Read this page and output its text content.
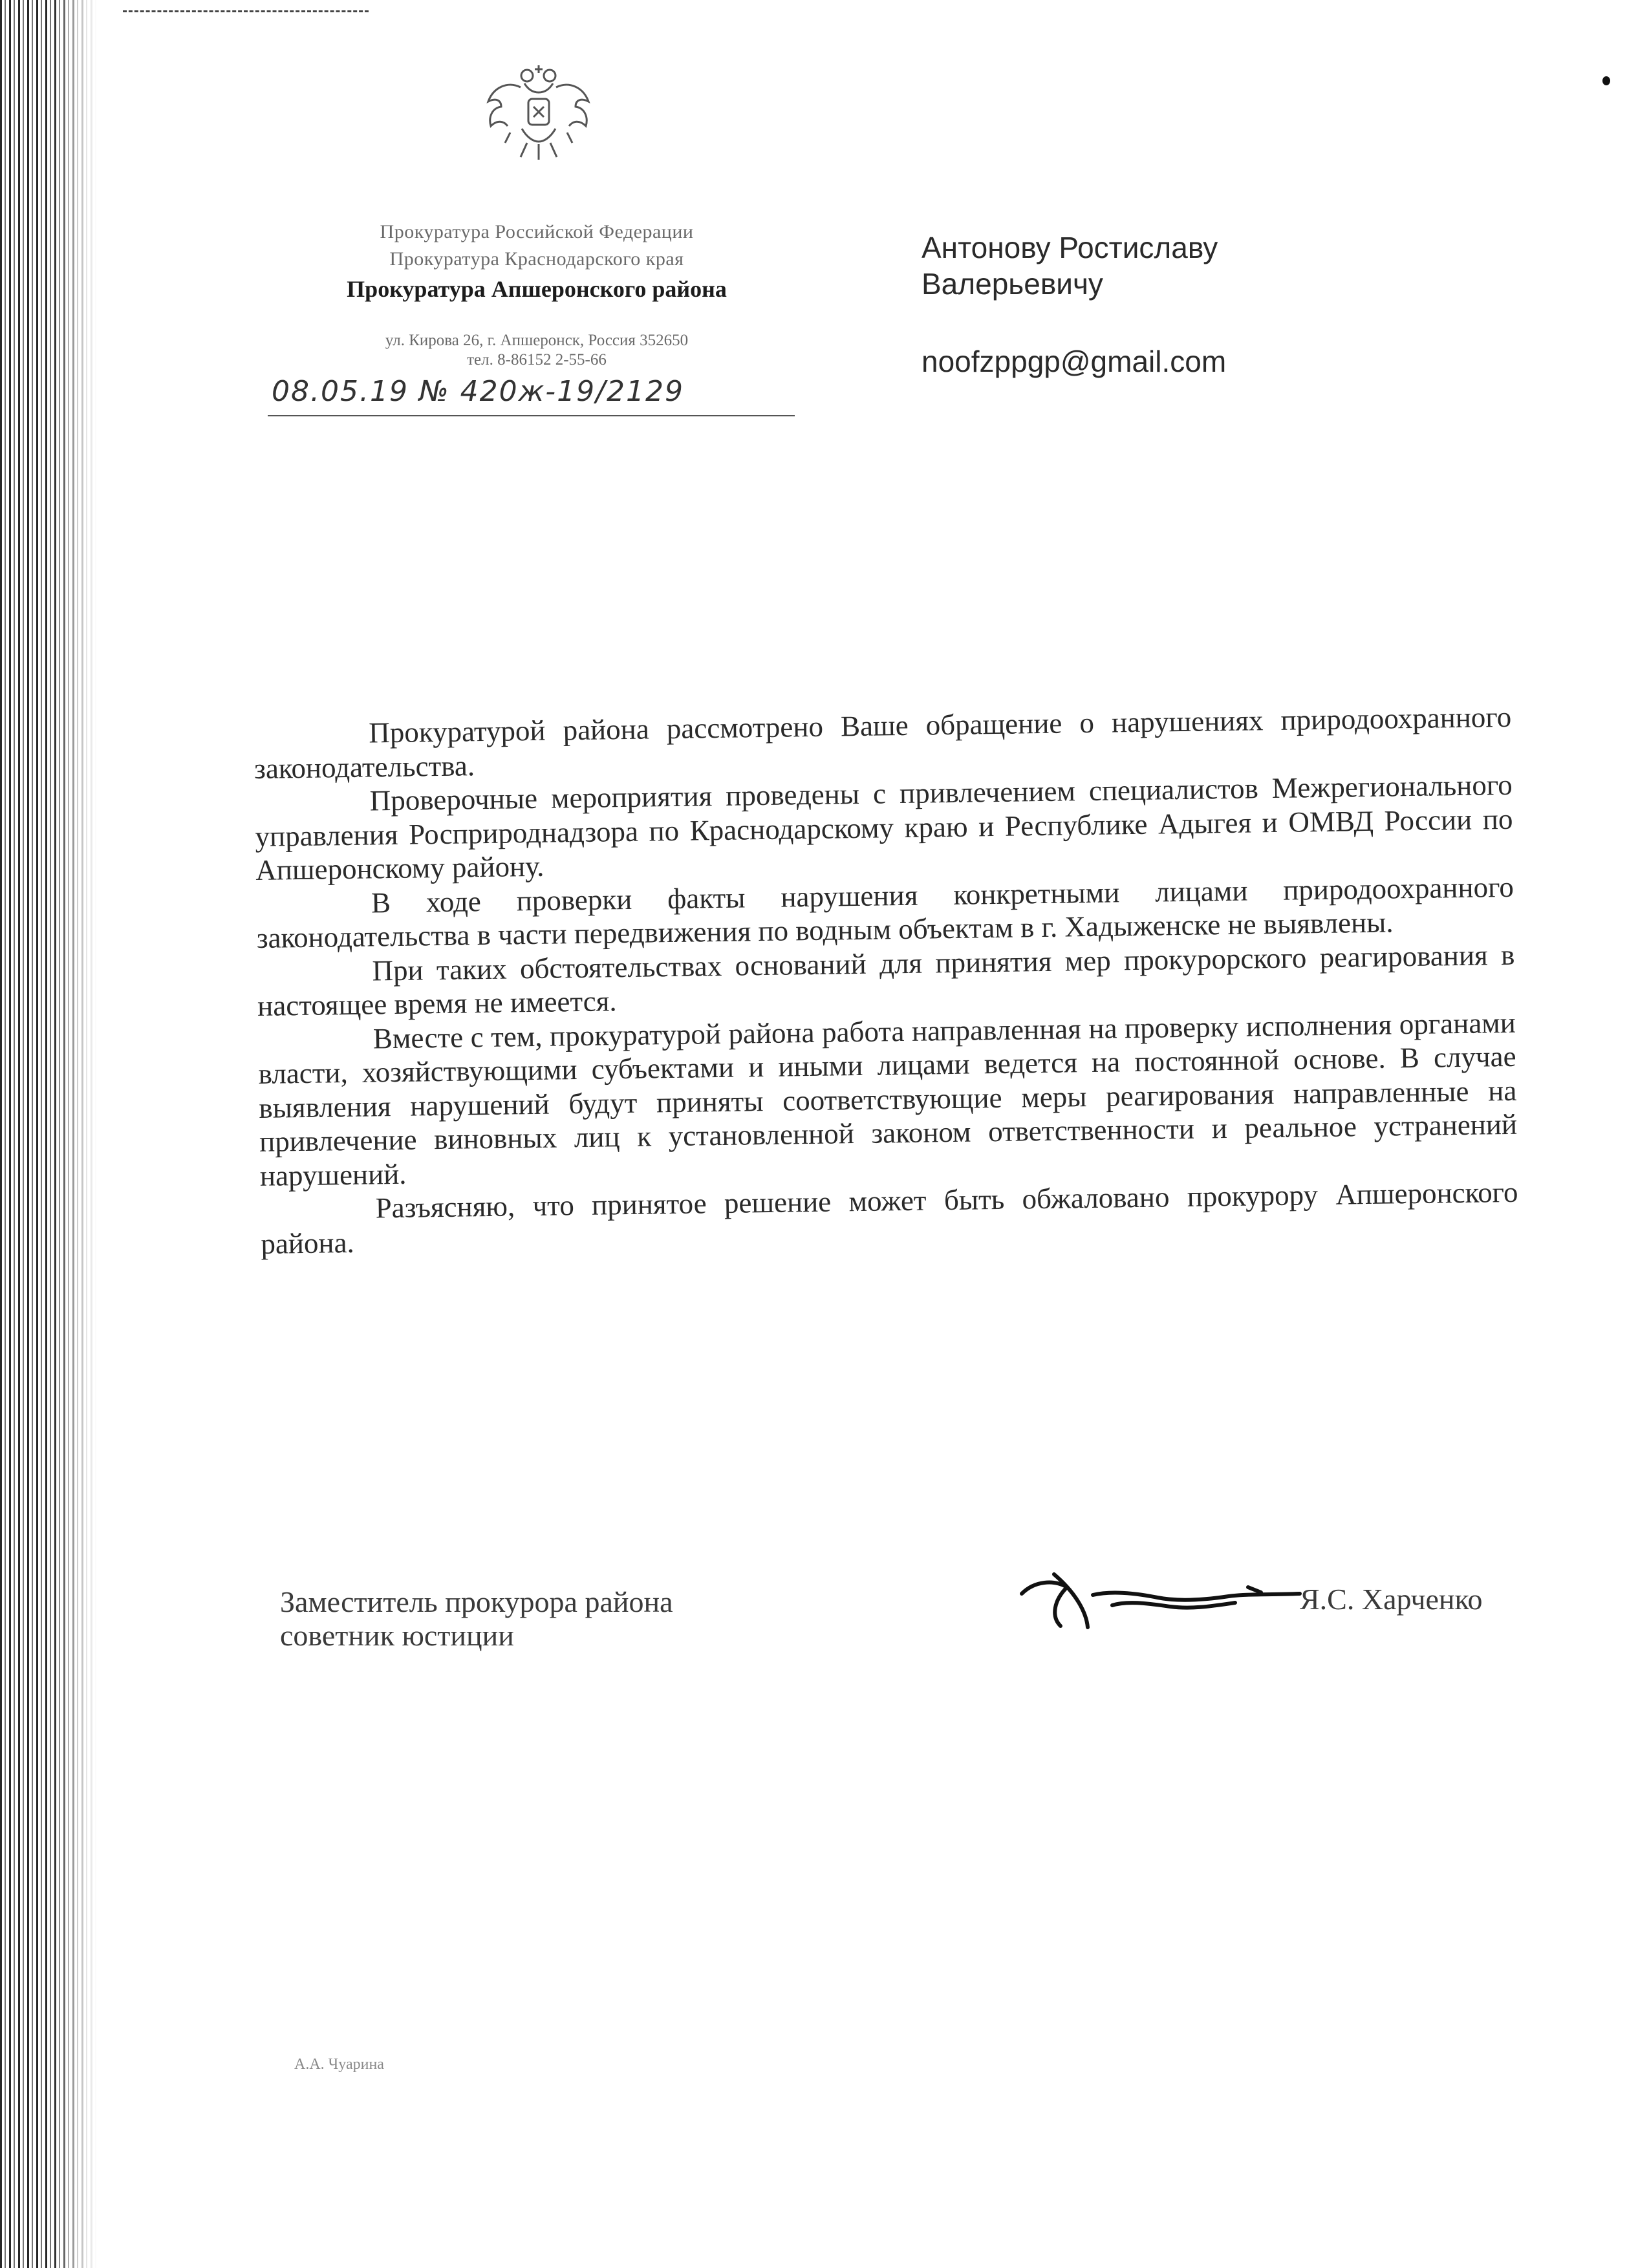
Прокуратура Российской Федерации
Прокуратура Краснодарского края
Прокуратура Апшеронского района
ул. Кирова 26, г. Апшеронск, Россия 352650
тел. 8-86152 2-55-66
08.05.19 № 420ж-19/2129
Антонову Ростиславу
Валерьевичу
noofzppgp@gmail.com

Прокуратурой района рассмотрено Ваше обращение о нарушениях природоохранного законодательства.

Проверочные мероприятия проведены с привлечением специалистов Межрегионального управления Росприроднадзора по Краснодарскому краю и Республике Адыгея и ОМВД России по Апшеронскому району.

В ходе проверки факты нарушения конкретными лицами природоохранного законодательства в части передвижения по водным объектам в г. Хадыженске не выявлены.

При таких обстоятельствах оснований для принятия мер прокурорского реагирования в настоящее время не имеется.

Вместе с тем, прокуратурой района работа направленная на проверку исполнения органами власти, хозяйствующими субъектами и иными лицами ведется на постоянной основе. В случае выявления нарушений будут приняты соответствующие меры реагирования направленные на привлечение виновных лиц к установленной законом ответственности и реальное устранений нарушений.

Разъясняю, что принятое решение может быть обжаловано прокурору Апшеронского района.

Заместитель прокурора района
советник юстиции
Я.С. Харченко
А.А. Чуарина
